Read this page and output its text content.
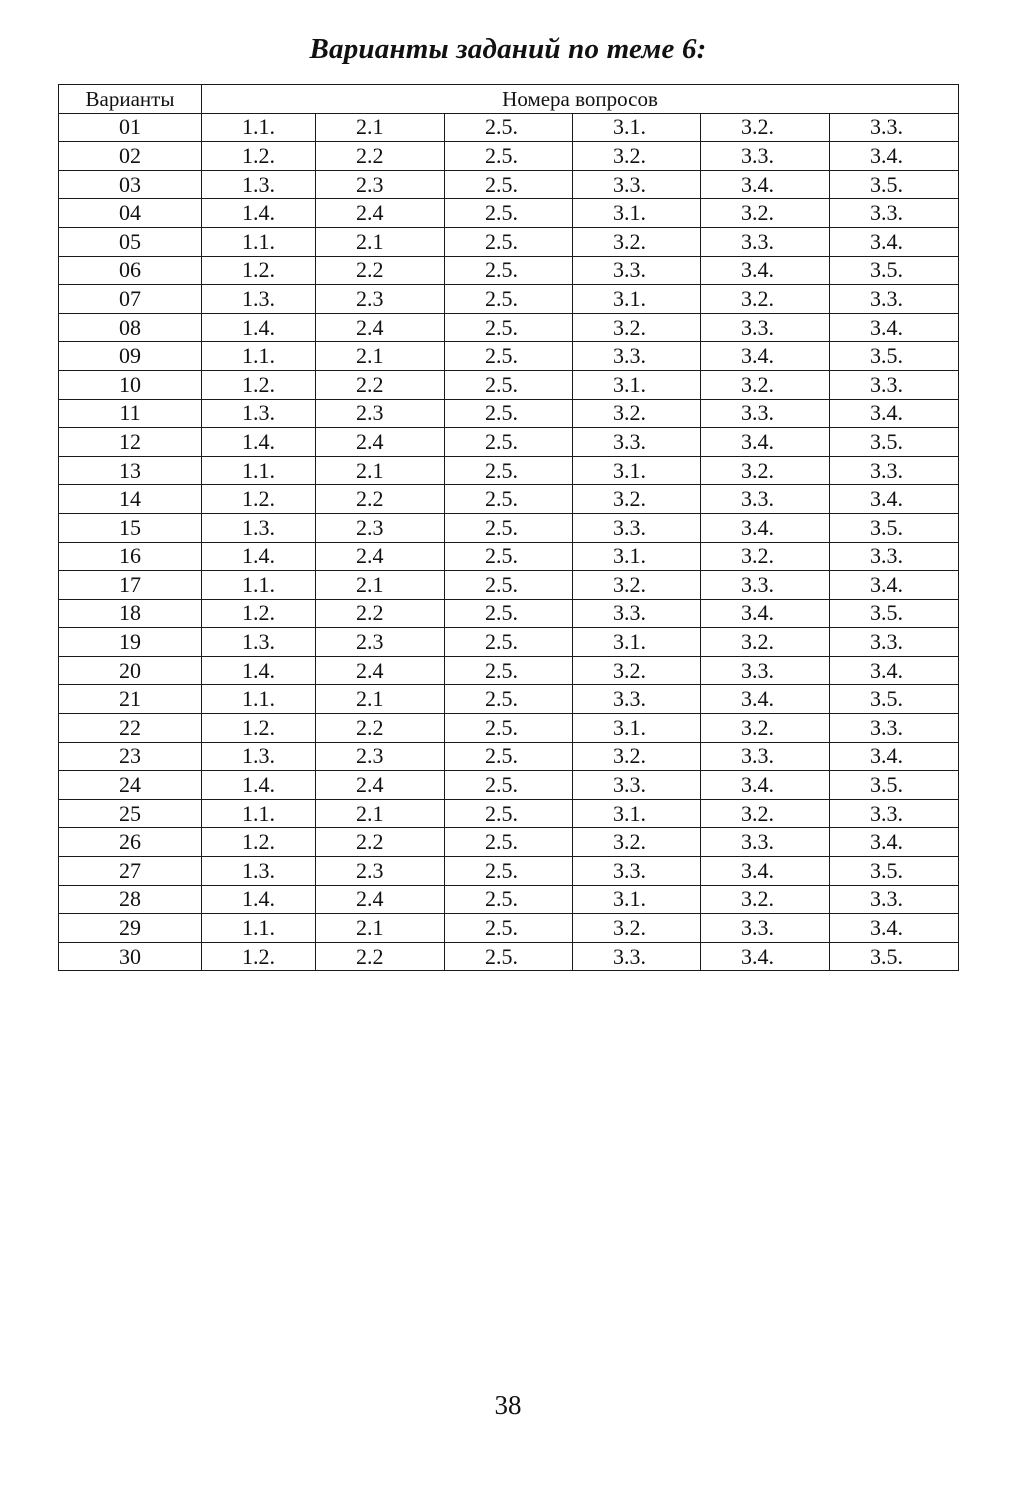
Варианты заданий по теме 6:
Варианты	Номера вопросов					
01	1.1.	2.1	2.5.	3.1.	3.2.	3.3.
02	1.2.	2.2	2.5.	3.2.	3.3.	3.4.
03	1.3.	2.3	2.5.	3.3.	3.4.	3.5.
04	1.4.	2.4	2.5.	3.1.	3.2.	3.3.
05	1.1.	2.1	2.5.	3.2.	3.3.	3.4.
06	1.2.	2.2	2.5.	3.3.	3.4.	3.5.
07	1.3.	2.3	2.5.	3.1.	3.2.	3.3.
08	1.4.	2.4	2.5.	3.2.	3.3.	3.4.
09	1.1.	2.1	2.5.	3.3.	3.4.	3.5.
10	1.2.	2.2	2.5.	3.1.	3.2.	3.3.
11	1.3.	2.3	2.5.	3.2.	3.3.	3.4.
12	1.4.	2.4	2.5.	3.3.	3.4.	3.5.
13	1.1.	2.1	2.5.	3.1.	3.2.	3.3.
14	1.2.	2.2	2.5.	3.2.	3.3.	3.4.
15	1.3.	2.3	2.5.	3.3.	3.4.	3.5.
16	1.4.	2.4	2.5.	3.1.	3.2.	3.3.
17	1.1.	2.1	2.5.	3.2.	3.3.	3.4.
18	1.2.	2.2	2.5.	3.3.	3.4.	3.5.
19	1.3.	2.3	2.5.	3.1.	3.2.	3.3.
20	1.4.	2.4	2.5.	3.2.	3.3.	3.4.
21	1.1.	2.1	2.5.	3.3.	3.4.	3.5.
22	1.2.	2.2	2.5.	3.1.	3.2.	3.3.
23	1.3.	2.3	2.5.	3.2.	3.3.	3.4.
24	1.4.	2.4	2.5.	3.3.	3.4.	3.5.
25	1.1.	2.1	2.5.	3.1.	3.2.	3.3.
26	1.2.	2.2	2.5.	3.2.	3.3.	3.4.
27	1.3.	2.3	2.5.	3.3.	3.4.	3.5.
28	1.4.	2.4	2.5.	3.1.	3.2.	3.3.
29	1.1.	2.1	2.5.	3.2.	3.3.	3.4.
30	1.2.	2.2	2.5.	3.3.	3.4.	3.5.
38
